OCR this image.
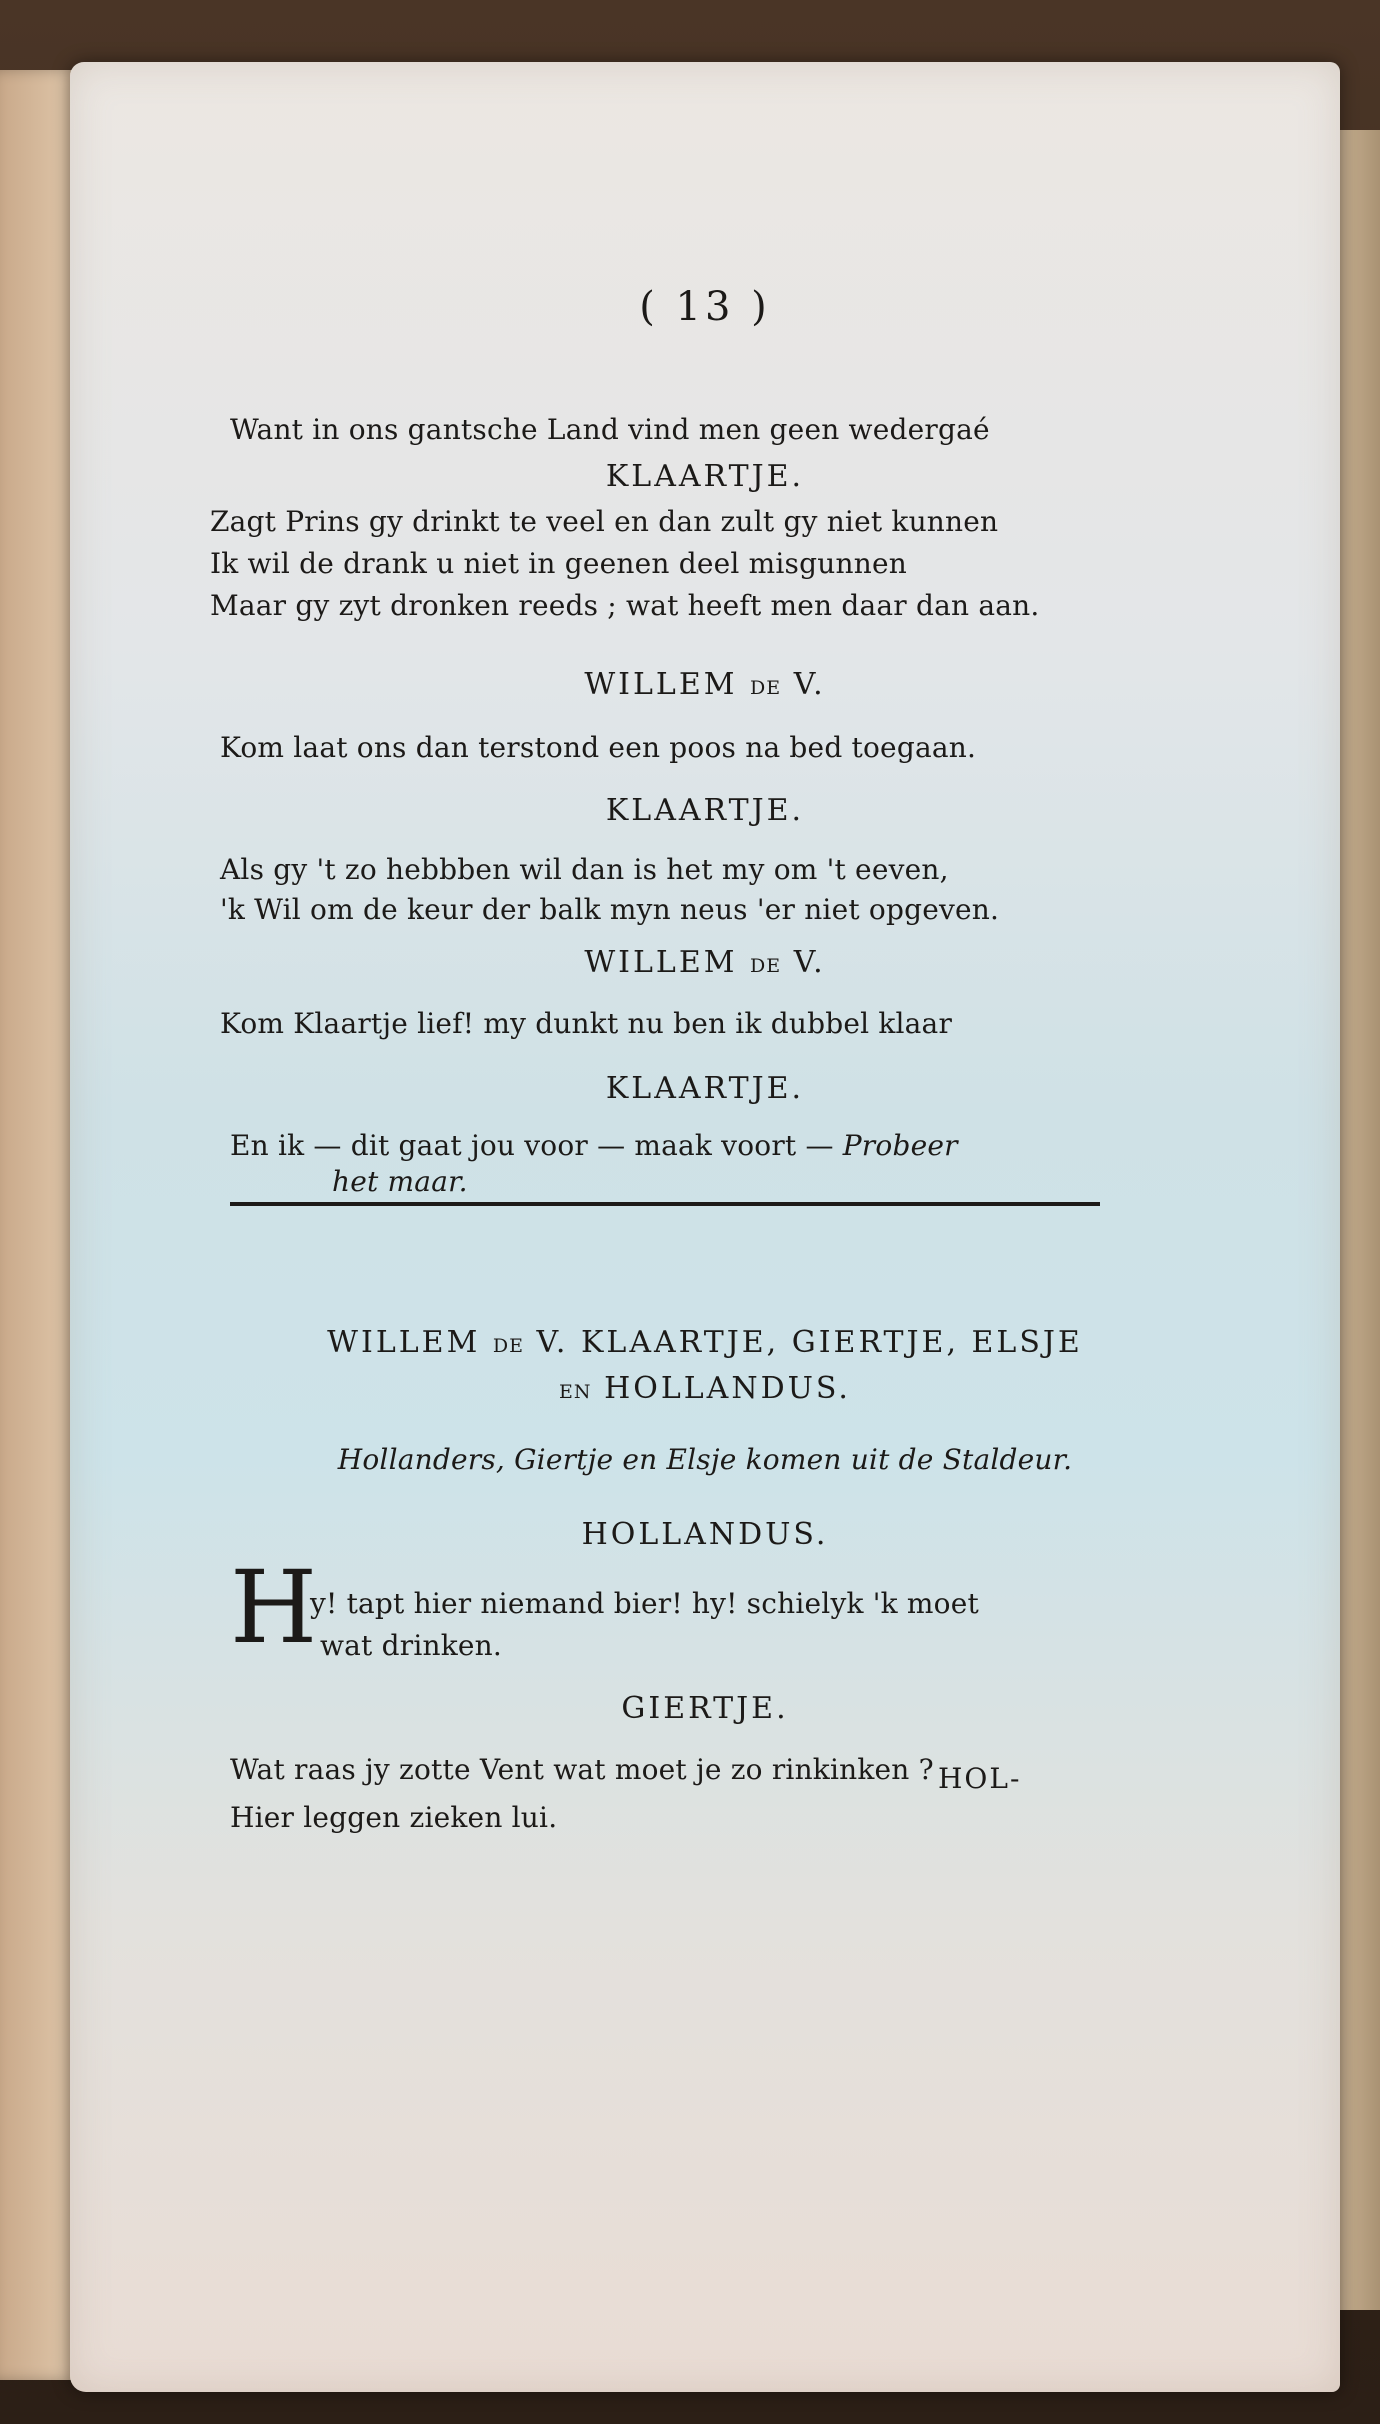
( 13 )
Want in ons gantsche Land vind men geen wedergaé
KLAARTJE.
Zagt Prins gy drinkt te veel en dan zult gy niet kunnen
Ik wil de drank u niet in geenen deel misgunnen
Maar gy zyt dronken reeds ; wat heeft men daar dan aan.
WILLEM DE V.
Kom laat ons dan terstond een poos na bed toegaan.
KLAARTJE.
Als gy 't zo hebbben wil dan is het my om 't eeven,
'k Wil om de keur der balk myn neus 'er niet opgeven.
WILLEM DE V.
Kom Klaartje lief! my dunkt nu ben ik dubbel klaar
KLAARTJE.
En ik — dit gaat jou voor — maak voort — Probeer
het maar.
WILLEM DE V. KLAARTJE, GIERTJE, ELSJE
EN HOLLANDUS.
Hollanders, Giertje en Elsje komen uit de Staldeur.
HOLLANDUS.
H
y! tapt hier niemand bier! hy! schielyk 'k moet
wat drinken.
GIERTJE.
Wat raas jy zotte Vent wat moet je zo rinkinken ?
Hier leggen zieken lui.
HOL-
